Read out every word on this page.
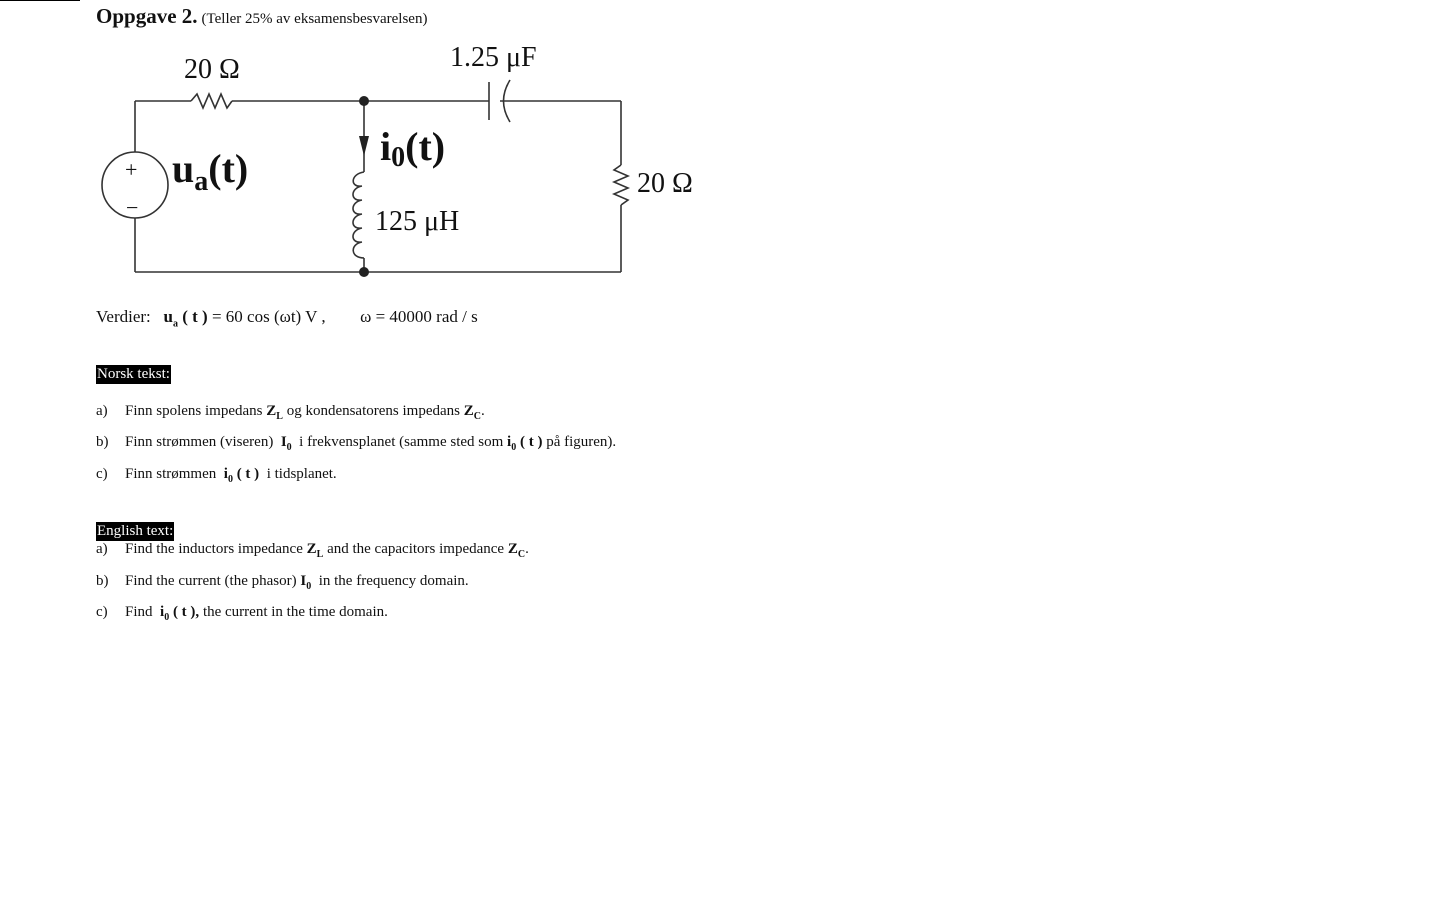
Oppgave 2. (Teller 25% av eksamensbesvarelsen)
20 Ω	1.25 μF
+
−
$u_a(t)$	i0(t)
125 μH
20 Ω
Verdier: $u_a$ ( t ) = 60 cos (ωt) V , ω = 40000 rad / s
Norsk tekst:
a) Finn spolens impedans $Z_L$ og kondensatorens impedans $Z_C$.
b) Finn strømmen (viseren) $I_0$ i frekvensplanet (samme sted som $i_0$ ( t ) på figuren).
c) Finn strømmen $i_0$ ( t ) i tidsplanet.
English text:
a) Find the inductors impedance $Z_L$ and the capacitors impedance $Z_C$.
b) Find the current (the phasor) $I_0$ in the frequency domain.
c) Find $i_0$ ( t ), the current in the time domain.
